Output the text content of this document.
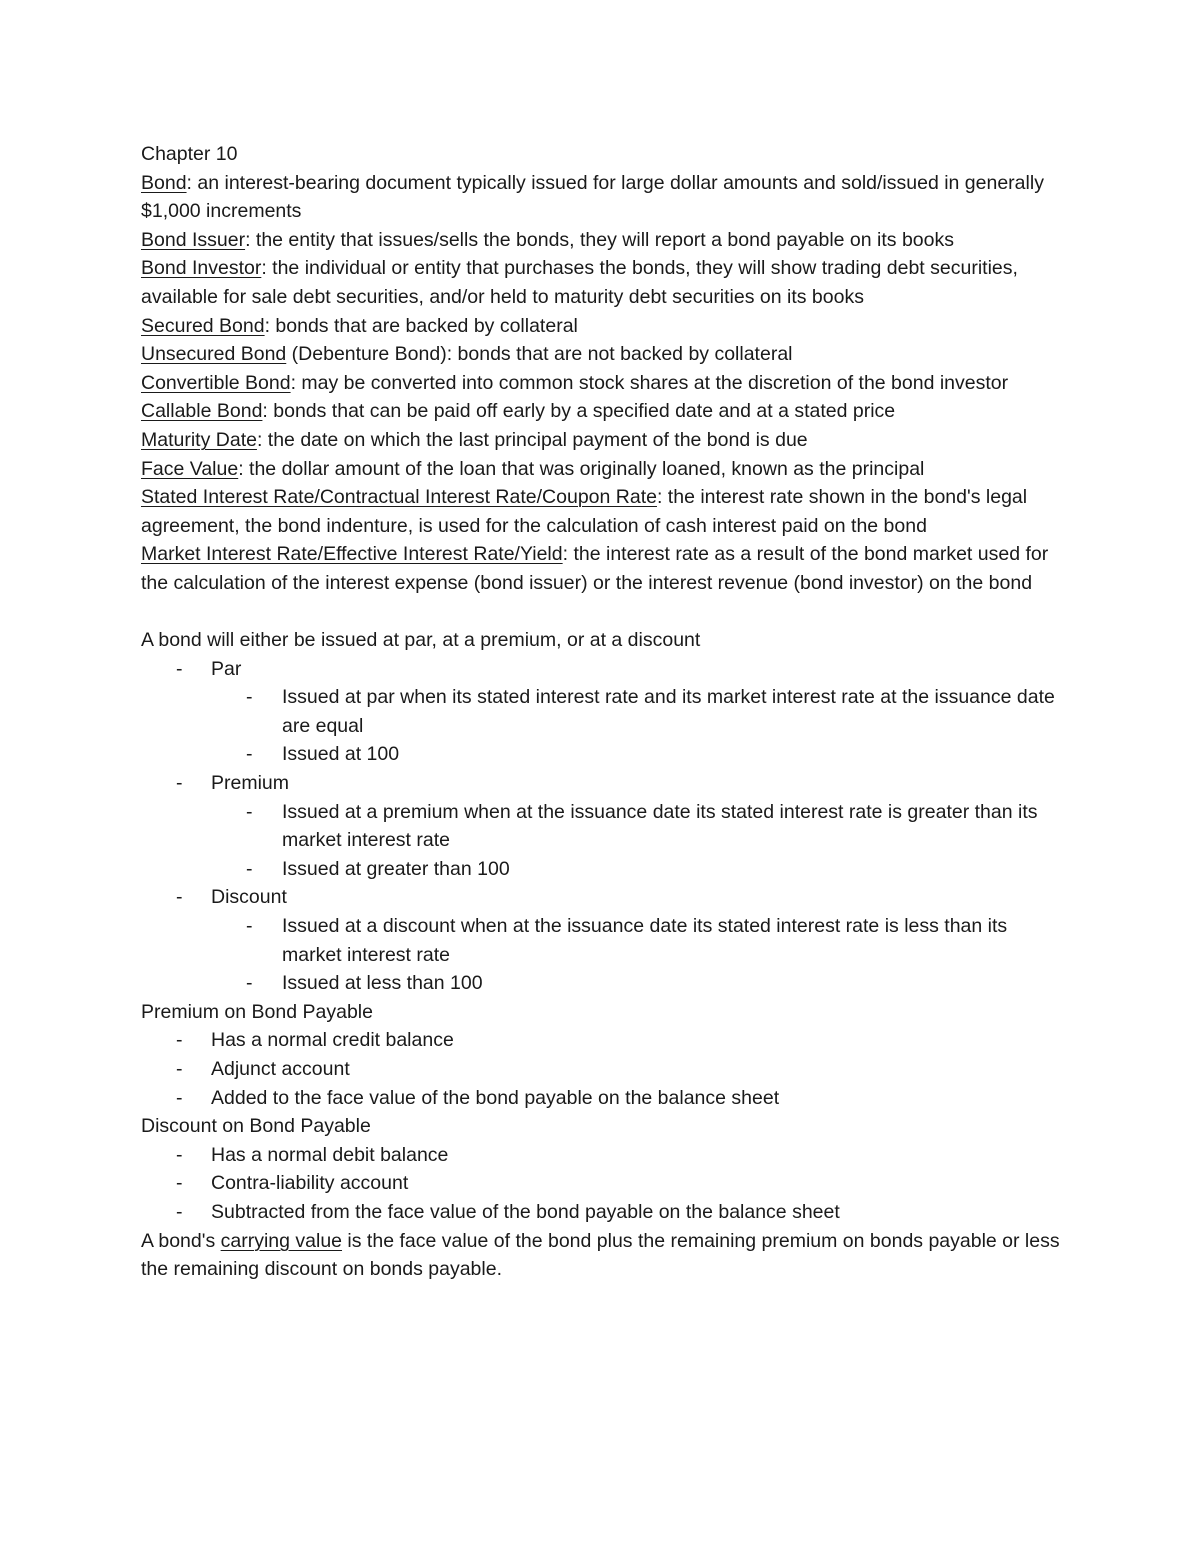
Chapter 10

Bond: an interest-bearing document typically issued for large dollar amounts and sold/issued in generally $1,000 increments

Bond Issuer: the entity that issues/sells the bonds, they will report a bond payable on its books

Bond Investor: the individual or entity that purchases the bonds, they will show trading debt securities, available for sale debt securities, and/or held to maturity debt securities on its books

Secured Bond: bonds that are backed by collateral

Unsecured Bond (Debenture Bond): bonds that are not backed by collateral

Convertible Bond: may be converted into common stock shares at the discretion of the bond investor

Callable Bond: bonds that can be paid off early by a specified date and at a stated price

Maturity Date: the date on which the last principal payment of the bond is due

Face Value: the dollar amount of the loan that was originally loaned, known as the principal

Stated Interest Rate/Contractual Interest Rate/Coupon Rate: the interest rate shown in the bond's legal agreement, the bond indenture, is used for the calculation of cash interest paid on the bond

Market Interest Rate/Effective Interest Rate/Yield: the interest rate as a result of the bond market used for the calculation of the interest expense (bond issuer) or the interest revenue (bond investor) on the bond

A bond will either be issued at par, at a premium, or at a discount

- Par
- Issued at par when its stated interest rate and its market interest rate at the issuance date are equal
- Issued at 100
- Premium
- Issued at a premium when at the issuance date its stated interest rate is greater than its market interest rate
- Issued at greater than 100
- Discount
- Issued at a discount when at the issuance date its stated interest rate is less than its market interest rate
- Issued at less than 100

Premium on Bond Payable

- Has a normal credit balance
- Adjunct account
- Added to the face value of the bond payable on the balance sheet

Discount on Bond Payable

- Has a normal debit balance
- Contra-liability account
- Subtracted from the face value of the bond payable on the balance sheet

A bond's carrying value is the face value of the bond plus the remaining premium on bonds payable or less the remaining discount on bonds payable.
